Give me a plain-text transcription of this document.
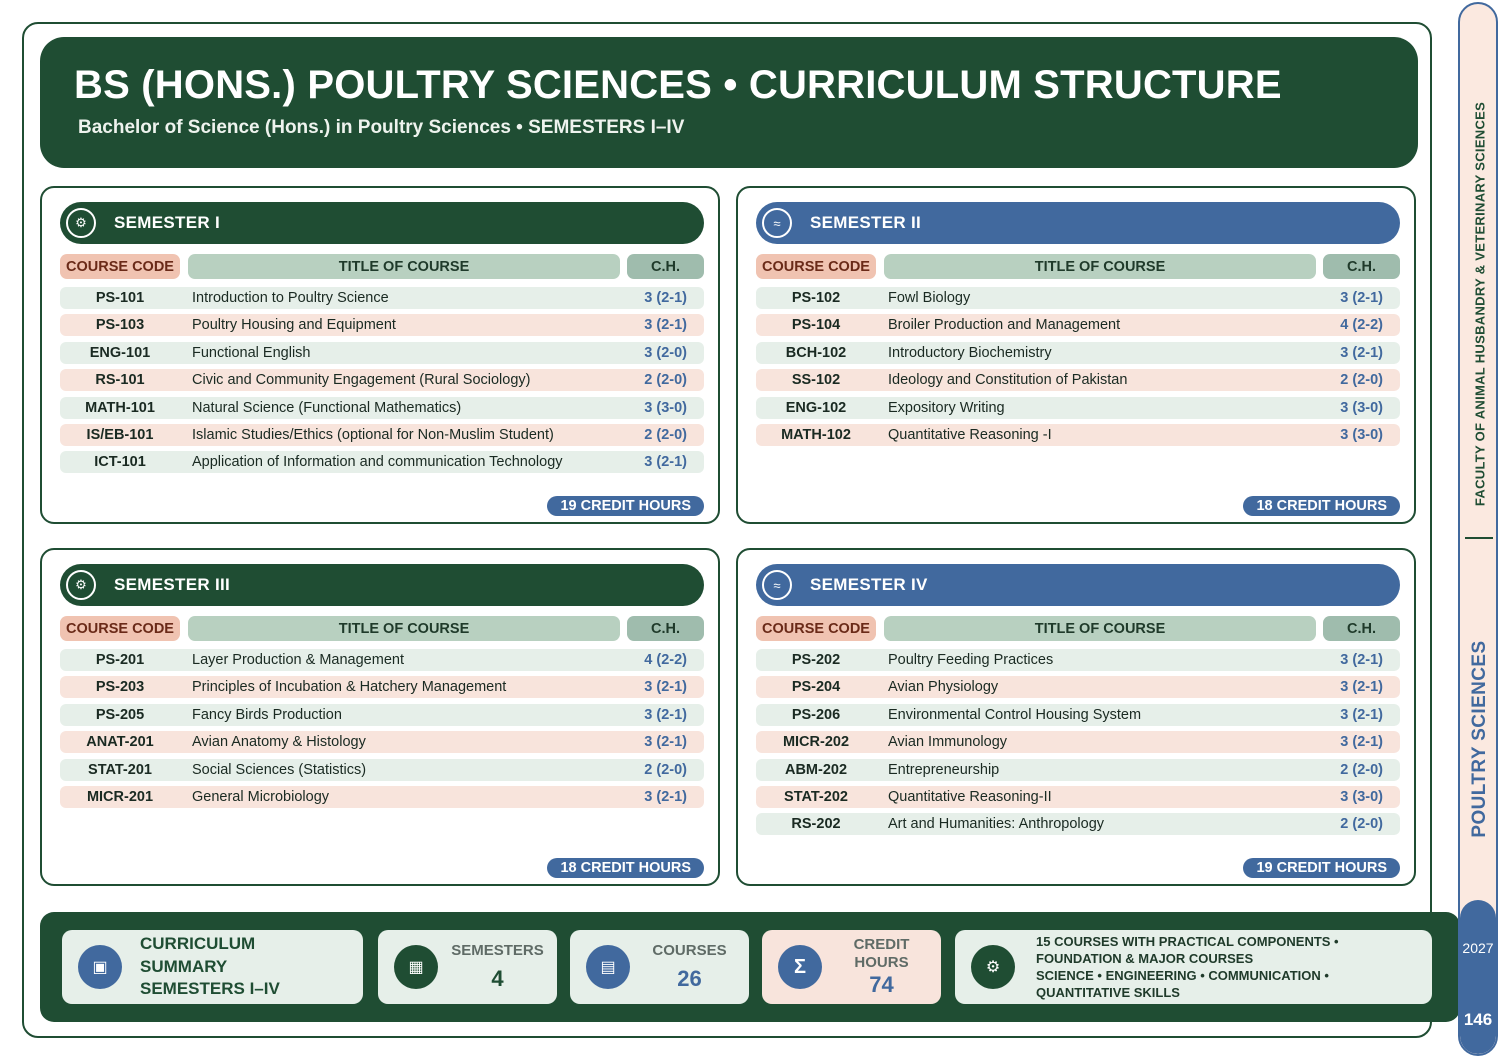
BS (HONS.) POULTRY SCIENCES • CURRICULUM STRUCTURE
Bachelor of Science (Hons.) in Poultry Sciences • SEMESTERS I–IV
⚙	SEMESTER I
COURSE CODE	TITLE OF COURSE	C.H.
PS-101	Introduction to Poultry Science	3 (2-1)
PS-103	Poultry Housing and Equipment	3 (2-1)
ENG-101	Functional English	3 (2-0)
RS-101	Civic and Community Engagement (Rural Sociology)	2 (2-0)
MATH-101	Natural Science (Functional Mathematics)	3 (3-0)
IS/EB-101	Islamic Studies/Ethics (optional for Non-Muslim Student)	2 (2-0)
ICT-101	Application of Information and communication Technology	3 (2-1)
19 CREDIT HOURS
≈	SEMESTER II
COURSE CODE	TITLE OF COURSE	C.H.
PS-102	Fowl Biology	3 (2-1)
PS-104	Broiler Production and Management	4 (2-2)
BCH-102	Introductory Biochemistry	3 (2-1)
SS-102	Ideology and Constitution of Pakistan	2 (2-0)
ENG-102	Expository Writing	3 (3-0)
MATH-102	Quantitative Reasoning -I	3 (3-0)
18 CREDIT HOURS
⚙	SEMESTER III
COURSE CODE	TITLE OF COURSE	C.H.
PS-201	Layer Production & Management	4 (2-2)
PS-203	Principles of Incubation & Hatchery Management	3 (2-1)
PS-205	Fancy Birds Production	3 (2-1)
ANAT-201	Avian Anatomy & Histology	3 (2-1)
STAT-201	Social Sciences (Statistics)	2 (2-0)
MICR-201	General Microbiology	3 (2-1)
18 CREDIT HOURS
≈	SEMESTER IV
COURSE CODE	TITLE OF COURSE	C.H.
PS-202	Poultry Feeding Practices	3 (2-1)
PS-204	Avian Physiology	3 (2-1)
PS-206	Environmental Control Housing System	3 (2-1)
MICR-202	Avian Immunology	3 (2-1)
ABM-202	Entrepreneurship	2 (2-0)
STAT-202	Quantitative Reasoning-II	3 (3-0)
RS-202	Art and Humanities: Anthropology	2 (2-0)
19 CREDIT HOURS
▣
CURRICULUM
SUMMARY
SEMESTERS I–IV
▦
SEMESTERS
4	▤
COURSES
26	Σ
CREDIT
HOURS
74
⚙
15 COURSES WITH PRACTICAL COMPONENTS •
FOUNDATION & MAJOR COURSES
SCIENCE • ENGINEERING • COMMUNICATION •
QUANTITATIVE SKILLS
FACULTY OF ANIMAL HUSBANDRY & VETERINARY SCIENCES
POULTRY SCIENCES
2027
146
